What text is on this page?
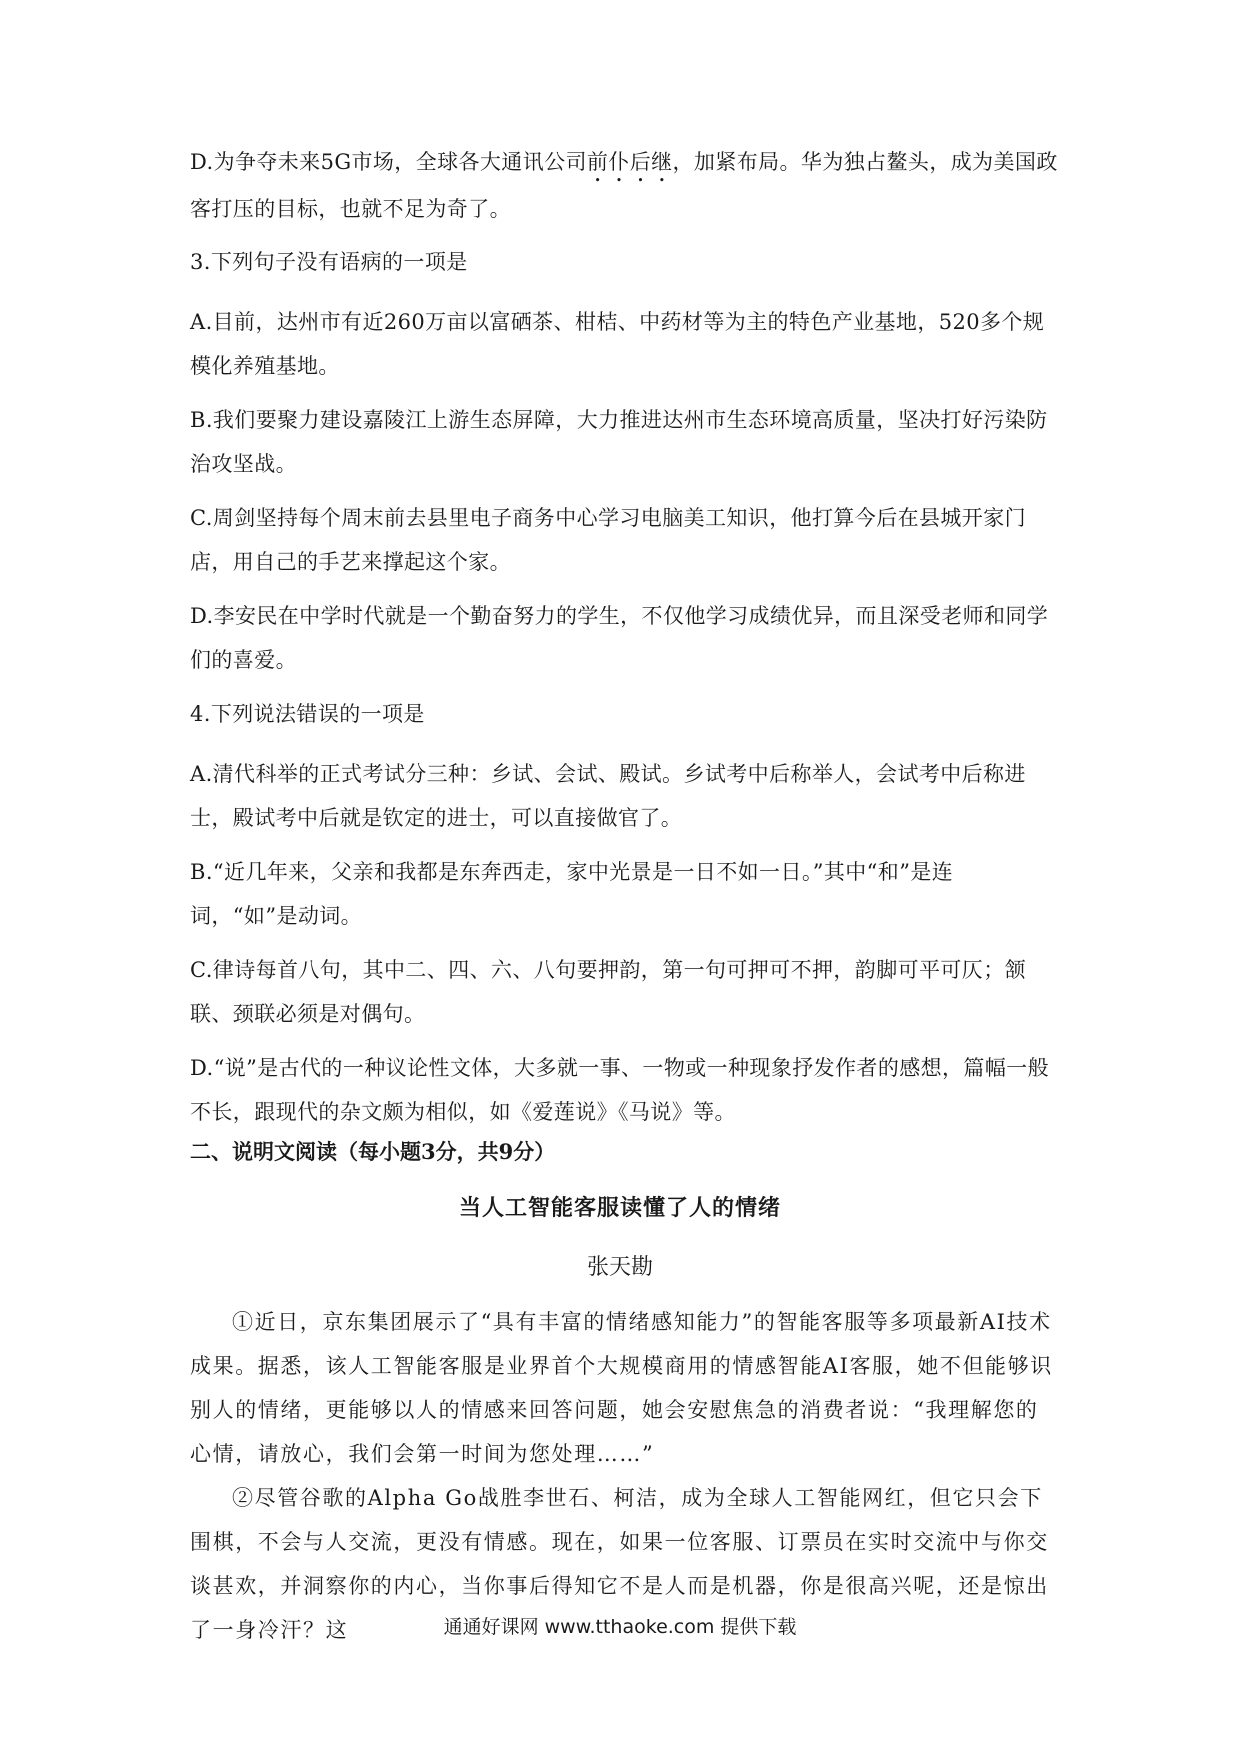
D.为争夺未来5G市场，全球各大通讯公司前仆后继，加紧布局。华为独占鳌头，成为美国政客打压的目标，也就不足为奇了。

3.下列句子没有语病的一项是

A.目前，达州市有近260万亩以富硒茶、柑桔、中药材等为主的特色产业基地，520多个规模化养殖基地。

B.我们要聚力建设嘉陵江上游生态屏障，大力推进达州市生态环境高质量，坚决打好污染防治攻坚战。

C.周剑坚持每个周末前去县里电子商务中心学习电脑美工知识，他打算今后在县城开家门店，用自己的手艺来撑起这个家。

D.李安民在中学时代就是一个勤奋努力的学生，不仅他学习成绩优异，而且深受老师和同学们的喜爱。

4.下列说法错误的一项是

A.清代科举的正式考试分三种：乡试、会试、殿试。乡试考中后称举人，会试考中后称进士，殿试考中后就是钦定的进士，可以直接做官了。

B.“近几年来，父亲和我都是东奔西走，家中光景是一日不如一日。”其中“和”是连词，“如”是动词。

C.律诗每首八句，其中二、四、六、八句要押韵，第一句可押可不押，韵脚可平可仄；颔联、颈联必须是对偶句。

D.“说”是古代的一种议论性文体，大多就一事、一物或一种现象抒发作者的感想，篇幅一般不长，跟现代的杂文颇为相似，如《爱莲说》《马说》等。

二、说明文阅读（每小题3分，共9分）

当人工智能客服读懂了人的情绪

张天勘

①近日，京东集团展示了“具有丰富的情绪感知能力”的智能客服等多项最新AI技术成果。据悉，该人工智能客服是业界首个大规模商用的情感智能AI客服，她不但能够识别人的情绪，更能够以人的情感来回答问题，她会安慰焦急的消费者说：“我理解您的心情，请放心，我们会第一时间为您处理……”

②尽管谷歌的Alpha Go战胜李世石、柯洁，成为全球人工智能网红，但它只会下围棋，不会与人交流，更没有情感。现在，如果一位客服、订票员在实时交流中与你交谈甚欢，并洞察你的内心，当你事后得知它不是人而是机器，你是很高兴呢，还是惊出了一身冷汗？这	通通好课网 www.tthaoke.com 提供下载
